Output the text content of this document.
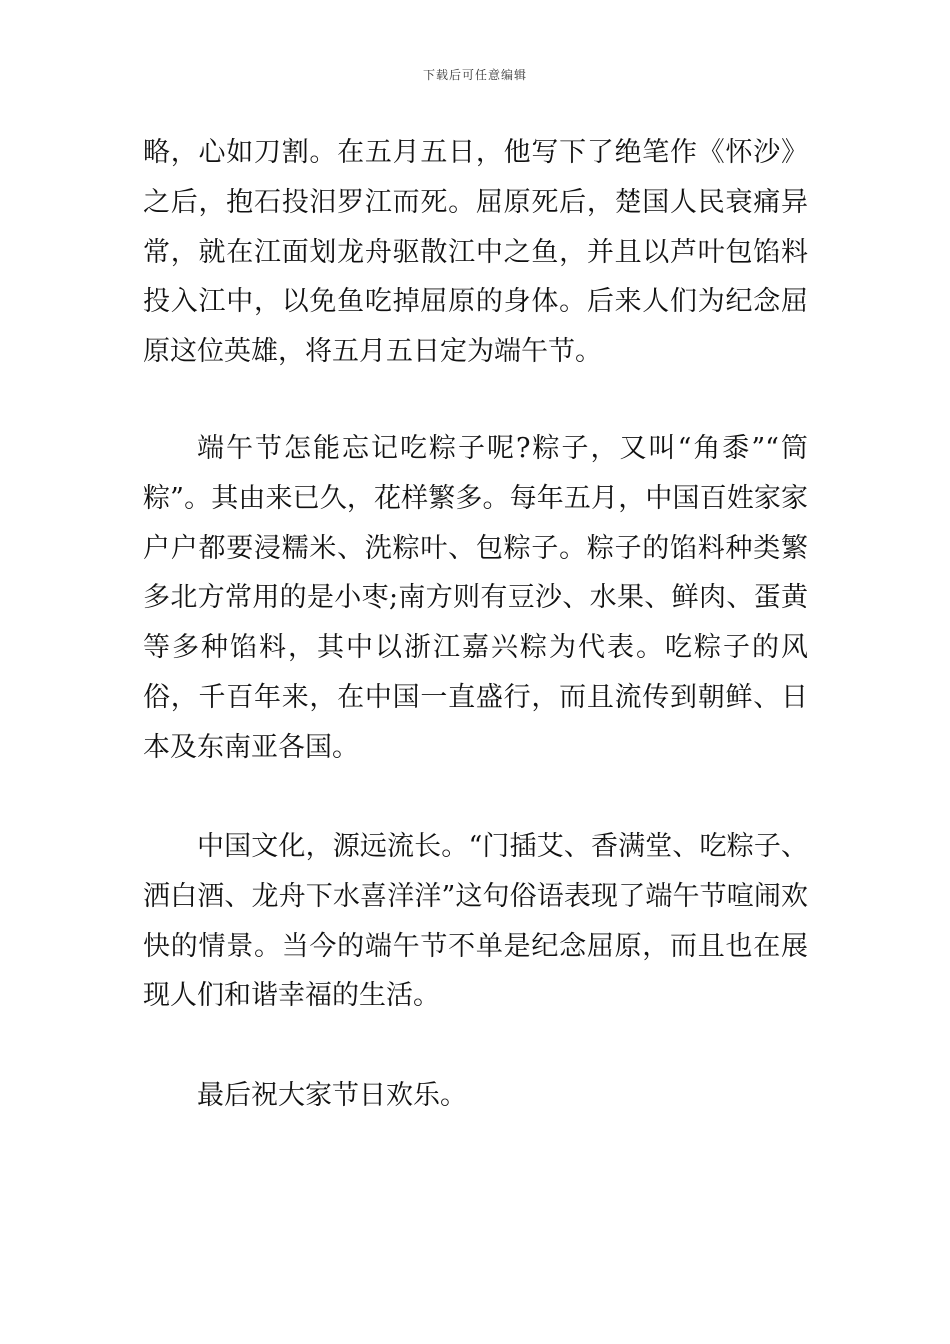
下载后可任意编辑

略，心如刀割。在五月五日，他写下了绝笔作《怀沙》之后，抱石投汨罗江而死。屈原死后，楚国人民衰痛异常，就在江面划龙舟驱散江中之鱼，并且以芦叶包馅料投入江中，以免鱼吃掉屈原的身体。后来人们为纪念屈原这位英雄，将五月五日定为端午节。

端午节怎能忘记吃粽子呢?粽子，又叫“角黍”“筒粽”。其由来已久，花样繁多。每年五月，中国百姓家家户户都要浸糯米、洗粽叶、包粽子。粽子的馅料种类繁多北方常用的是小枣;南方则有豆沙、水果、鲜肉、蛋黄等多种馅料，其中以浙江嘉兴粽为代表。吃粽子的风俗，千百年来，在中国一直盛行，而且流传到朝鲜、日本及东南亚各国。

中国文化，源远流长。“门插艾、香满堂、吃粽子、洒白酒、龙舟下水喜洋洋”这句俗语表现了端午节喧闹欢快的情景。当今的端午节不单是纪念屈原，而且也在展现人们和谐幸福的生活。

最后祝大家节日欢乐。
